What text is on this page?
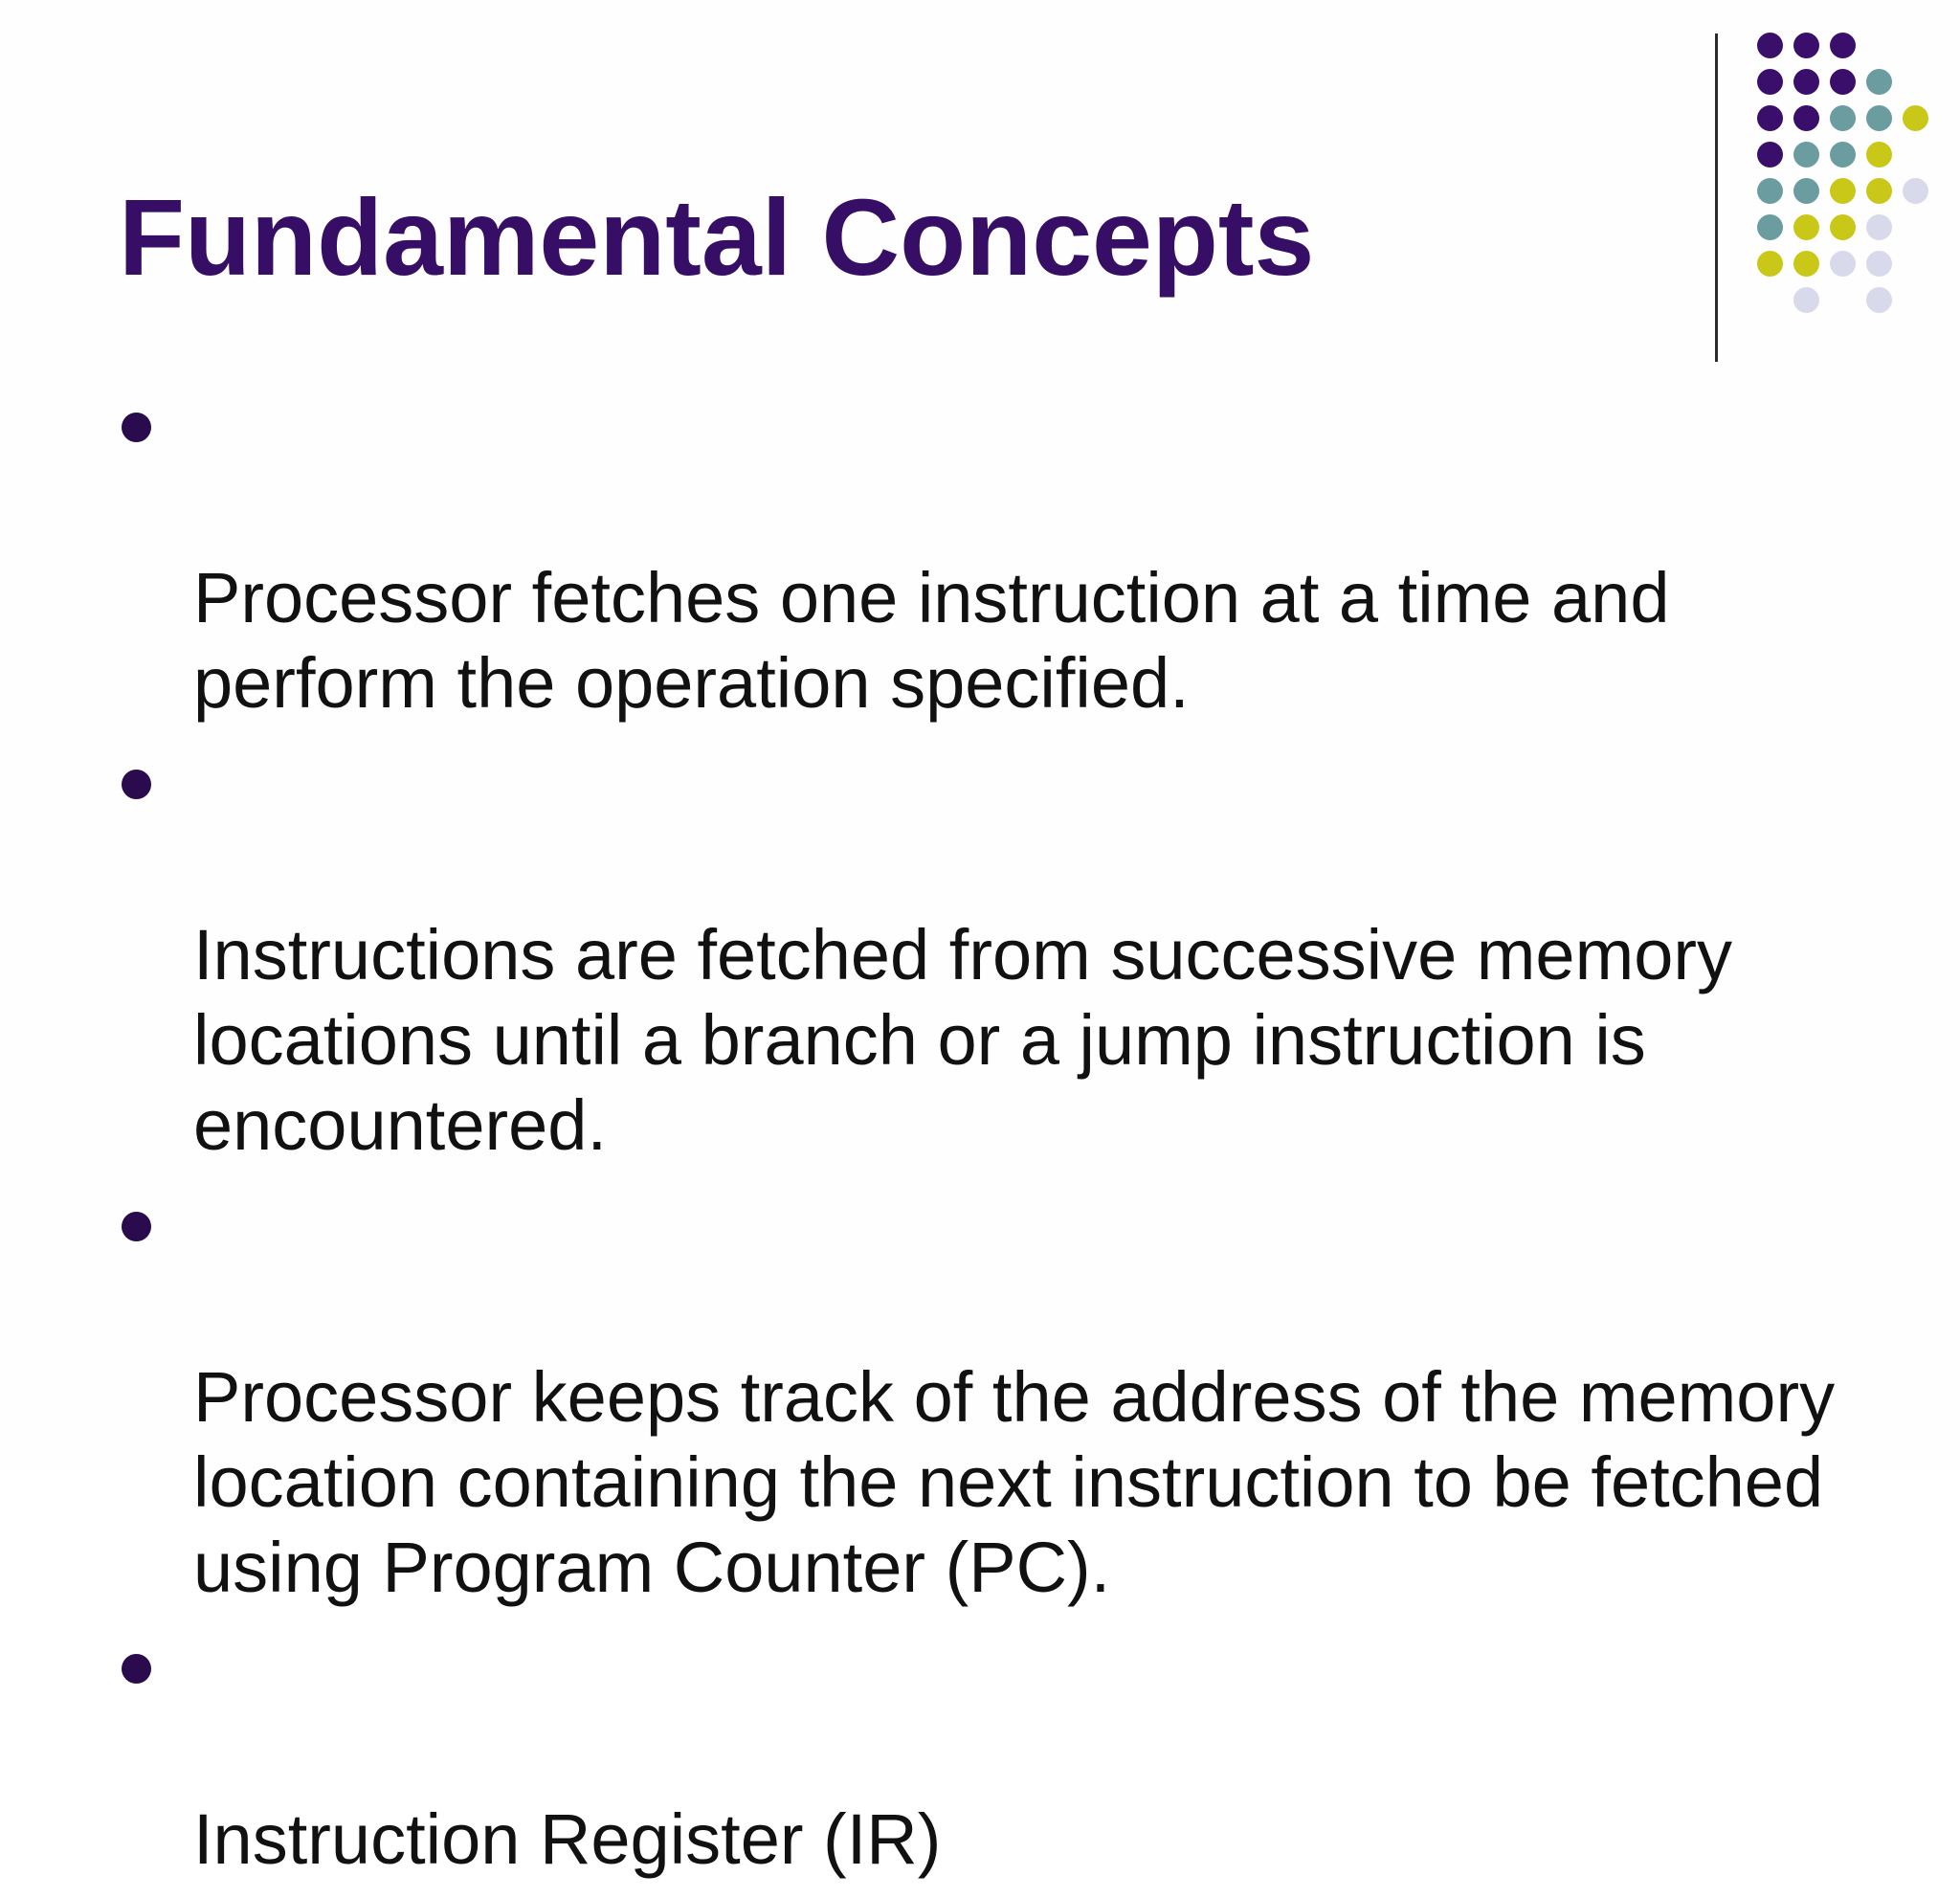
Fundamental Concepts

Processor fetches one instruction at a time and
perform the operation specified.

Instructions are fetched from successive memory
locations until a branch or a jump instruction is
encountered.

Processor keeps track of the address of the memory
location containing the next instruction to be fetched
using Program Counter (PC).

Instruction Register (IR)
